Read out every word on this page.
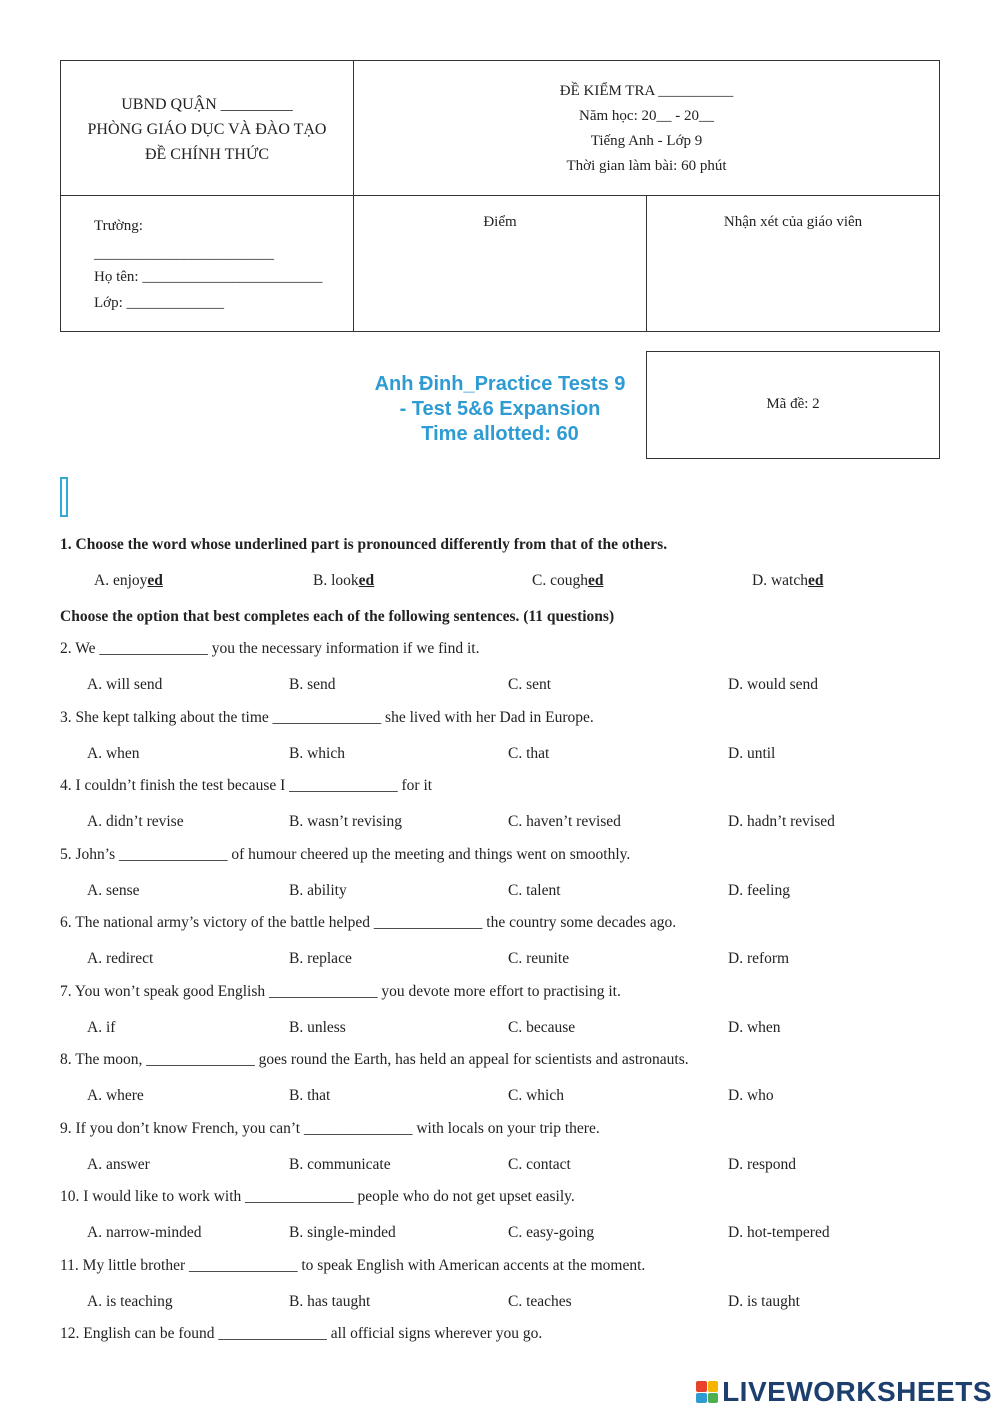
UBND QUẬN _________
PHÒNG GIÁO DỤC VÀ ĐÀO TẠO
ĐỀ CHÍNH THỨC
ĐỀ KIỂM TRA __________
Năm học: 20__ - 20__
Tiếng Anh - Lớp 9
Thời gian làm bài: 60 phút
Trường:
________________________
Họ tên: ________________________
Lớp: _____________
Điểm	Nhận xét của giáo viên
Anh Đinh_Practice Tests 9
- Test 5&6 Expansion
Time allotted: 60
Mã đề: 2
1. Choose the word whose underlined part is pronounced differently from that of the others.
A. enjoyed	B. looked	C. coughed	D. watched
Choose the option that best completes each of the following sentences. (11 questions)
2. We ______________ you the necessary information if we find it.
A. will send	B. send	C. sent	D. would send
3. She kept talking about the time ______________ she lived with her Dad in Europe.
A. when	B. which	C. that	D. until
4. I couldn’t finish the test because I ______________ for it
A. didn’t revise	B. wasn’t revising	C. haven’t revised	D. hadn’t revised
5. John’s ______________ of humour cheered up the meeting and things went on smoothly.
A. sense	B. ability	C. talent	D. feeling
6. The national army’s victory of the battle helped ______________ the country some decades ago.
A. redirect	B. replace	C. reunite	D. reform
7. You won’t speak good English ______________ you devote more effort to practising it.
A. if	B. unless	C. because	D. when
8. The moon, ______________ goes round the Earth, has held an appeal for scientists and astronauts.
A. where	B. that	C. which	D. who
9. If you don’t know French, you can’t ______________ with locals on your trip there.
A. answer	B. communicate	C. contact	D. respond
10. I would like to work with ______________ people who do not get upset easily.
A. narrow-minded	B. single-minded	C. easy-going	D. hot-tempered
11. My little brother ______________ to speak English with American accents at the moment.
A. is teaching	B. has taught	C. teaches	D. is taught
12. English can be found ______________ all official signs wherever you go.
LIVEWORKSHEETS
